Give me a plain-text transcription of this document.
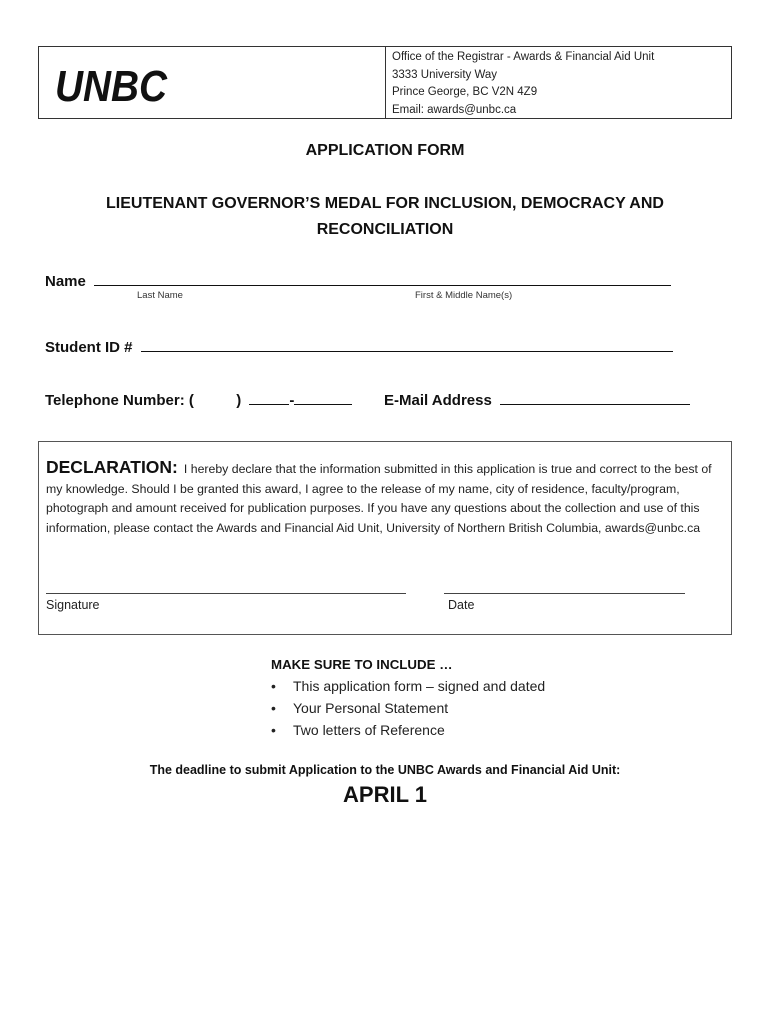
UNBC
Office of the Registrar - Awards & Financial Aid Unit
3333 University Way
Prince George, BC V2N 4Z9
Email: awards@unbc.ca
APPLICATION FORM
LIEUTENANT GOVERNOR’S MEDAL FOR INCLUSION, DEMOCRACY AND
RECONCILIATION
Name
Last Name	First & Middle Name(s)
Student ID #
Telephone Number: (	)	-	E-Mail Address
DECLARATION: I hereby declare that the information submitted in this application is true and correct to the best of my knowledge. Should I be granted this award, I agree to the release of my name, city of residence, faculty/program, photograph and amount received for publication purposes. If you have any questions about the collection and use of this information, please contact the Awards and Financial Aid Unit, University of Northern British Columbia, awards@unbc.ca
Signature	Date
MAKE SURE TO INCLUDE …
• This application form – signed and dated
• Your Personal Statement
• Two letters of Reference
The deadline to submit Application to the UNBC Awards and Financial Aid Unit:
APRIL 1
